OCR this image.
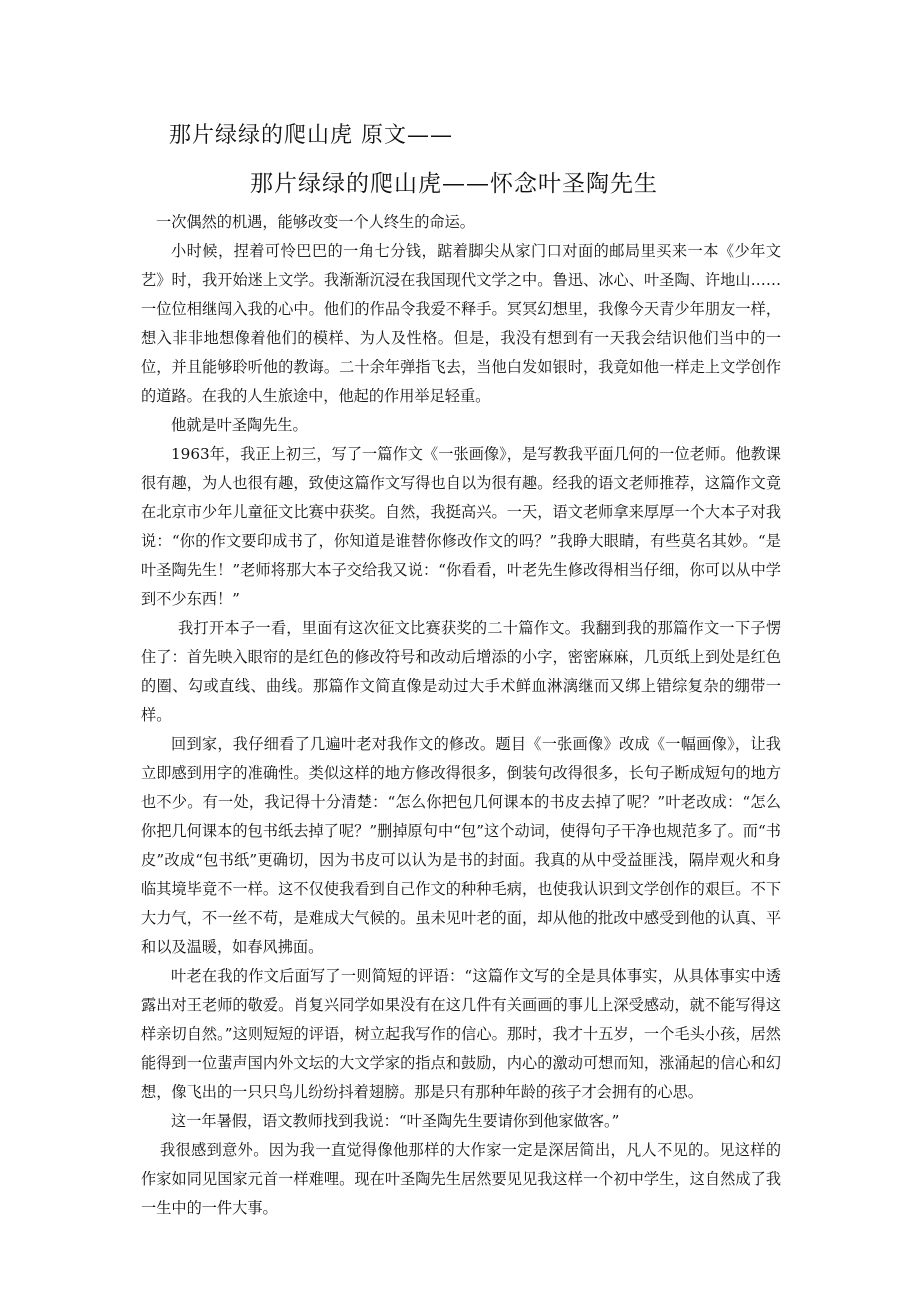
那片绿绿的爬山虎 原文——
那片绿绿的爬山虎——怀念叶圣陶先生

一次偶然的机遇，能够改变一个人终生的命运。

小时候，捏着可怜巴巴的一角七分钱，踮着脚尖从家门口对面的邮局里买来一本《少年文艺》时，我开始迷上文学。我渐渐沉浸在我国现代文学之中。鲁迅、冰心、叶圣陶、许地山……一位位相继闯入我的心中。他们的作品令我爱不释手。冥冥幻想里，我像今天青少年朋友一样，想入非非地想像着他们的模样、为人及性格。但是，我没有想到有一天我会结识他们当中的一位，并且能够聆听他的教诲。二十余年弹指飞去，当他白发如银时，我竟如他一样走上文学创作的道路。在我的人生旅途中，他起的作用举足轻重。

他就是叶圣陶先生。

1963年，我正上初三，写了一篇作文《一张画像》，是写教我平面几何的一位老师。他教课很有趣，为人也很有趣，致使这篇作文写得也自以为很有趣。经我的语文老师推荐，这篇作文竟在北京市少年儿童征文比赛中获奖。自然，我挺高兴。一天，语文老师拿来厚厚一个大本子对我说：“你的作文要印成书了，你知道是谁替你修改作文的吗？”我睁大眼睛，有些莫名其妙。“是叶圣陶先生！”老师将那大本子交给我又说：“你看看，叶老先生修改得相当仔细，你可以从中学到不少东西！”

我打开本子一看，里面有这次征文比赛获奖的二十篇作文。我翻到我的那篇作文一下子愣住了：首先映入眼帘的是红色的修改符号和改动后增添的小字，密密麻麻，几页纸上到处是红色的圈、勾或直线、曲线。那篇作文简直像是动过大手术鲜血淋漓继而又绑上错综复杂的绷带一样。

回到家，我仔细看了几遍叶老对我作文的修改。题目《一张画像》改成《一幅画像》，让我立即感到用字的准确性。类似这样的地方修改得很多，倒装句改得很多，长句子断成短句的地方也不少。有一处，我记得十分清楚：“怎么你把包几何课本的书皮去掉了呢？”叶老改成：“怎么你把几何课本的包书纸去掉了呢？”删掉原句中“包”这个动词，使得句子干净也规范多了。而“书皮”改成“包书纸”更确切，因为书皮可以认为是书的封面。我真的从中受益匪浅，隔岸观火和身临其境毕竟不一样。这不仅使我看到自己作文的种种毛病，也使我认识到文学创作的艰巨。不下大力气，不一丝不苟，是难成大气候的。虽未见叶老的面，却从他的批改中感受到他的认真、平和以及温暖，如春风拂面。

叶老在我的作文后面写了一则简短的评语：“这篇作文写的全是具体事实，从具体事实中透露出对王老师的敬爱。肖复兴同学如果没有在这几件有关画画的事儿上深受感动，就不能写得这样亲切自然。”这则短短的评语，树立起我写作的信心。那时，我才十五岁，一个毛头小孩，居然能得到一位蜚声国内外文坛的大文学家的指点和鼓励，内心的激动可想而知，涨涌起的信心和幻想，像飞出的一只只鸟儿纷纷抖着翅膀。那是只有那种年龄的孩子才会拥有的心思。

这一年暑假，语文教师找到我说：“叶圣陶先生要请你到他家做客。”

我很感到意外。因为我一直觉得像他那样的大作家一定是深居简出，凡人不见的。见这样的作家如同见国家元首一样难哩。现在叶圣陶先生居然要见见我这样一个初中学生，这自然成了我一生中的一件大事。
